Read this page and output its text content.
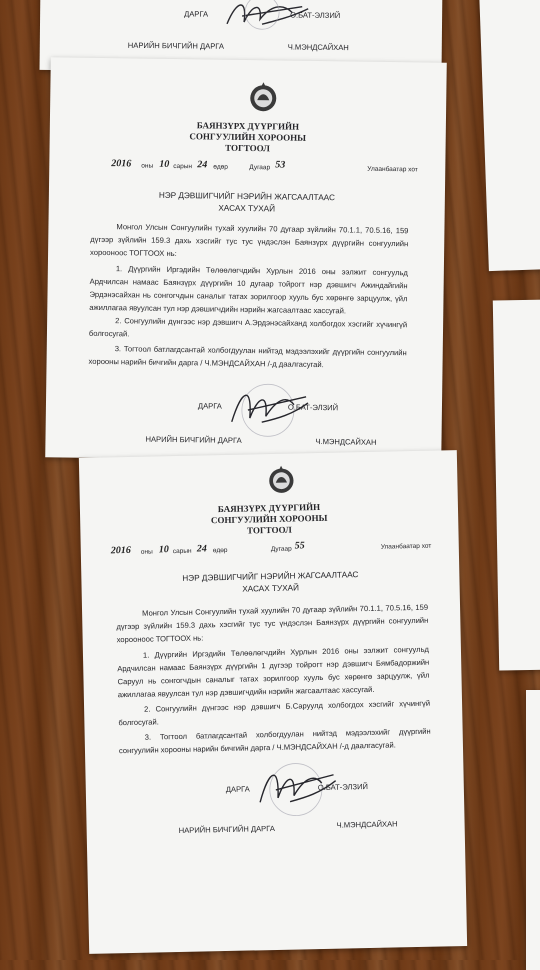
ДАРГА	О.БАТ-ЭЛЗИЙ
НАРИЙН БИЧГИЙН ДАРГА	Ч.МЭНДСАЙХАН
БАЯНЗҮРХ ДҮҮРГИЙН
СОНГУУЛИЙН ХОРООНЫ
ТОГТООЛ
2016 оны 10 сарын 24 өдөр	Дугаар 53	Улаанбаатар хот
НЭР ДЭВШИГЧИЙГ НЭРИЙН ЖАГСААЛТААС
ХАСАХ ТУХАЙ

Монгол Улсын Сонгуулийн тухай хуулийн 70 дугаар зүйлийн 70.1.1, 70.5.16, 159 дүгээр зүйлийн 159.3 дахь хэсгийг тус тус үндэслэн Баянзүрх дүүргийн сонгуулийн хорооноос ТОГТООХ нь:

1. Дүүргийн Иргэдийн Төлөөлөгчдийн Хурлын 2016 оны ээлжит сонгуульд Ардчилсан намаас Баянзүрх дүүргийн 10 дугаар тойрогт нэр дэвшигч Ажиндайгийн Эрдэнэсайхан нь сонгогчдын саналыг татах зорилгоор хууль бус хөрөнгө зарцуулж, үйл ажиллагаа явуулсан тул нэр дэвшигчдийн нэрийн жагсаалтаас хассугай.

2. Сонгуулийн дүнгээс нэр дэвшигч А.Эрдэнэсайханд холбогдох хэсгийг хүчингүй болгосугай.

3. Тогтоол батлагдсантай холбогдуулан нийтэд мэдээлэхийг дүүргийн сонгуулийн хорооны нарийн бичгийн дарга / Ч.МЭНДСАЙХАН /-д даалгасугай.

ДАРГА	О.БАТ-ЭЛЗИЙ
НАРИЙН БИЧГИЙН ДАРГА	Ч.МЭНДСАЙХАН
БАЯНЗҮРХ ДҮҮРГИЙН
СОНГУУЛИЙН ХОРООНЫ
ТОГТООЛ
2016 оны 10 сарын 24 өдөр	Дугаар 55	Улаанбаатар хот
НЭР ДЭВШИГЧИЙГ НЭРИЙН ЖАГСААЛТААС
ХАСАХ ТУХАЙ

Монгол Улсын Сонгуулийн тухай хуулийн 70 дугаар зүйлийн 70.1.1, 70.5.16, 159 дүгээр зүйлийн 159.3 дахь хэсгийг тус тус үндэслэн Баянзүрх дүүргийн сонгуулийн хорооноос ТОГТООХ нь:

1. Дүүргийн Иргэдийн Төлөөлөгчдийн Хурлын 2016 оны ээлжит сонгуульд Ардчилсан намаас Баянзүрх дүүргийн 1 дүгээр тойрогт нэр дэвшигч Бямбадоржийн Саруул нь сонгогчдын саналыг татах зорилгоор хууль бус хөрөнгө зарцуулж, үйл ажиллагаа явуулсан тул нэр дэвшигчдийн нэрийн жагсаалтаас хассугай.

2. Сонгуулийн дүнгээс нэр дэвшигч Б.Саруулд холбогдох хэсгийг хүчингүй болгосугай.

3. Тогтоол батлагдсантай холбогдуулан нийтэд мэдээлэхийг дүүргийн сонгуулийн хорооны нарийн бичгийн дарга / Ч.МЭНДСАЙХАН /-д даалгасугай.

ДАРГА	О.БАТ-ЭЛЗИЙ
НАРИЙН БИЧГИЙН ДАРГА	Ч.МЭНДСАЙХАН
